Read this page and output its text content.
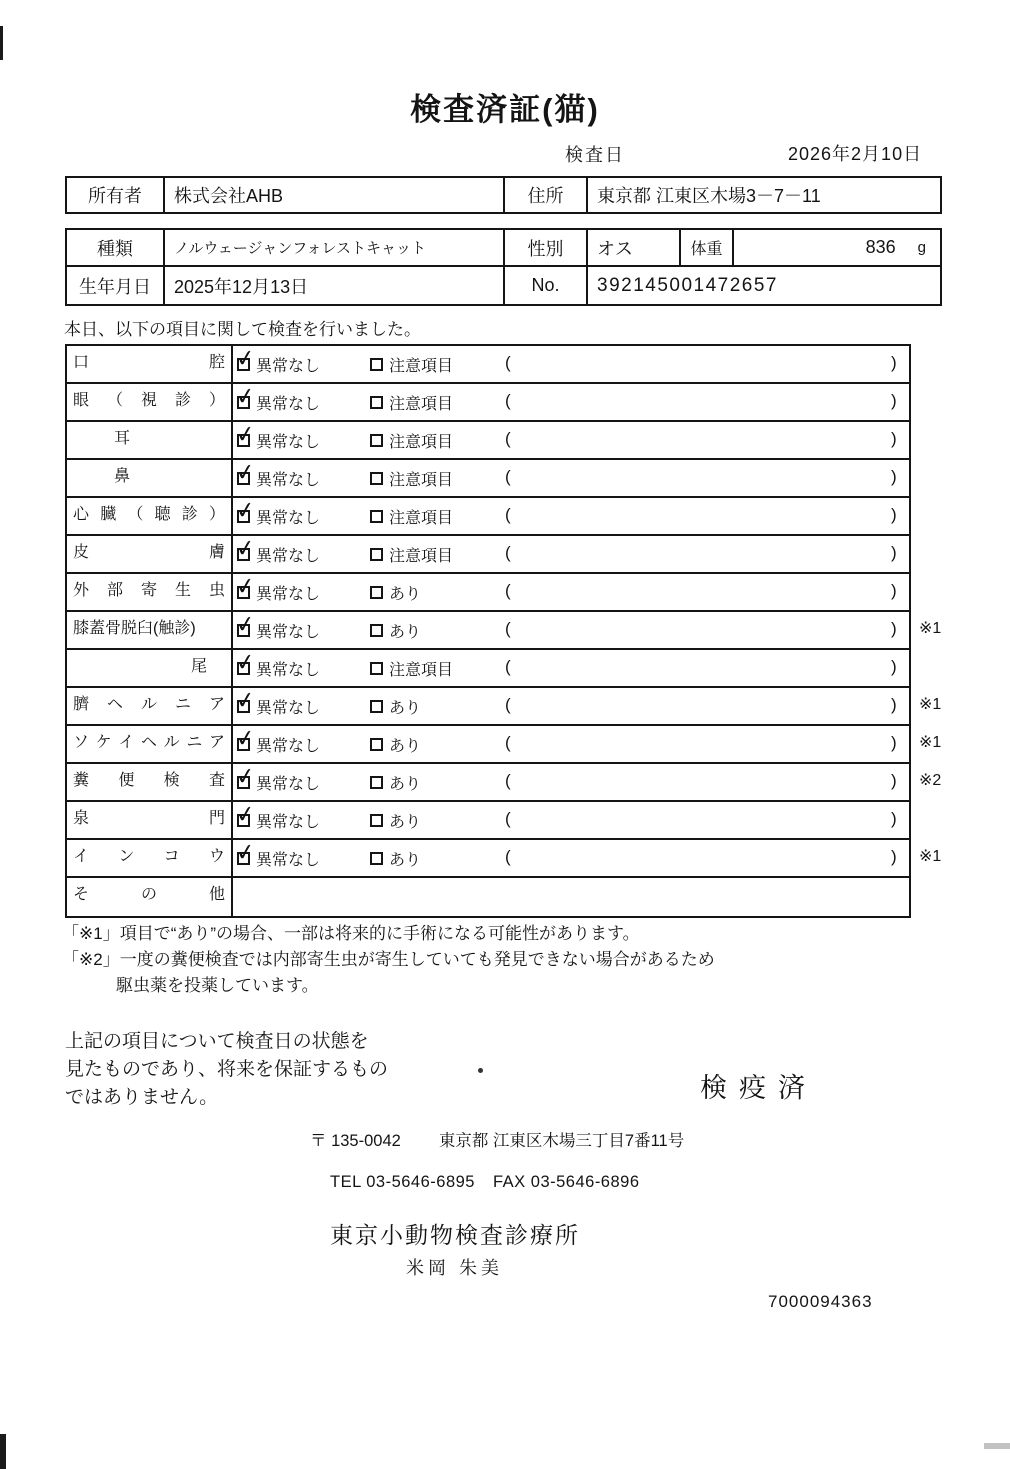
検査済証(猫)
検査日	2026年2月10日
所有者	株式会社AHB	住所	東京都 江東区木場3－7－11
種類	ノルウェージャンフォレストキャット	性別	オス	体重	836 g
生年月日	2025年12月13日	No.	392145001472657
本日、以下の項目に関して検査を行いました。
口 腔 ✓ 異常なし	注意項目	(	)
眼 （ 視 診 ） ✓ 異常なし	注意項目	(	)
耳	✓ 異常なし	注意項目	(	)
鼻	✓ 異常なし	注意項目	(	)
心 臓 （ 聴 診 ） ✓ 異常なし	注意項目	(	)
皮 膚 ✓ 異常なし	注意項目	(	)
外 部 寄 生 虫 ✓ 異常なし	あり	(	)
膝蓋骨脱臼(触診)	✓ 異常なし	あり	(	) ※1
尾	✓ 異常なし	注意項目	(	)
臍 ヘ ル ニ ア ✓ 異常なし	あり	(	) ※1
ソ ケ イ ヘ ル ニ ア ✓ 異常なし	あり	(	) ※1
糞 便 検 査 ✓ 異常なし	あり	(	) ※2
泉 門 ✓ 異常なし	あり	(	)
イ ン コ ウ ✓ 異常なし	あり	(	) ※1
そ の 他
「※1」項目で“あり”の場合、一部は将来的に手術になる可能性があります。
「※2」一度の糞便検査では内部寄生虫が寄生していても発見できない場合があるため
駆虫薬を投薬しています。
上記の項目について検査日の状態を
見たものであり、将来を保証するもの
ではありません。	検疫済
〒 135-0042 東京都 江東区木場三丁目7番11号
TEL 03-5646-6895 FAX 03-5646-6896
東京小動物検査診療所
米岡 朱美
7000094363
